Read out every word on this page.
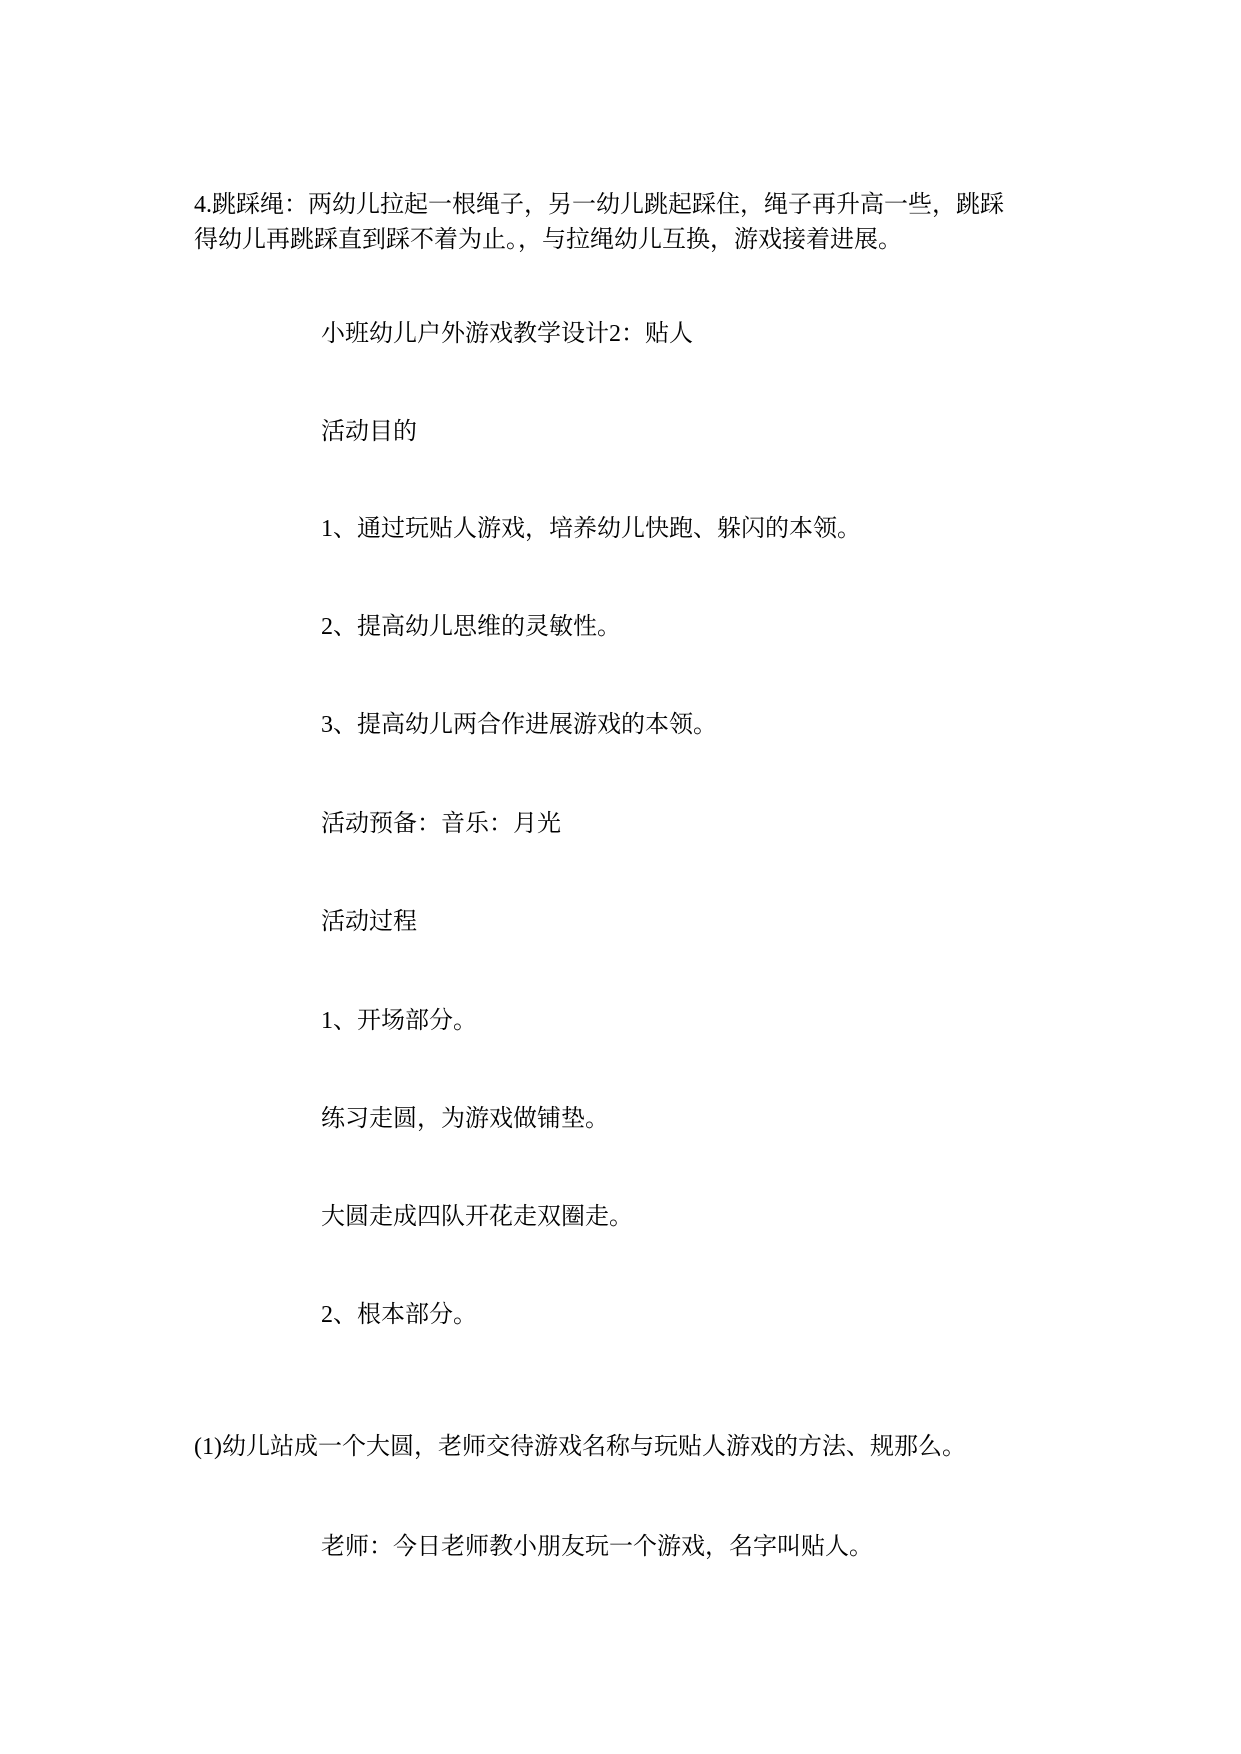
4.跳踩绳：两幼儿拉起一根绳子，另一幼儿跳起踩住，绳子再升高一些，跳踩
得幼儿再跳踩直到踩不着为止。，与拉绳幼儿互换，游戏接着进展。
小班幼儿户外游戏教学设计2：贴人
活动目的
1、通过玩贴人游戏，培养幼儿快跑、躲闪的本领。
2、提高幼儿思维的灵敏性。
3、提高幼儿两合作进展游戏的本领。
活动预备：音乐：月光
活动过程
1、开场部分。
练习走圆，为游戏做铺垫。
大圆走成四队开花走双圈走。
2、根本部分。
(1)幼儿站成一个大圆，老师交待游戏名称与玩贴人游戏的方法、规那么。
老师：今日老师教小朋友玩一个游戏，名字叫贴人。
